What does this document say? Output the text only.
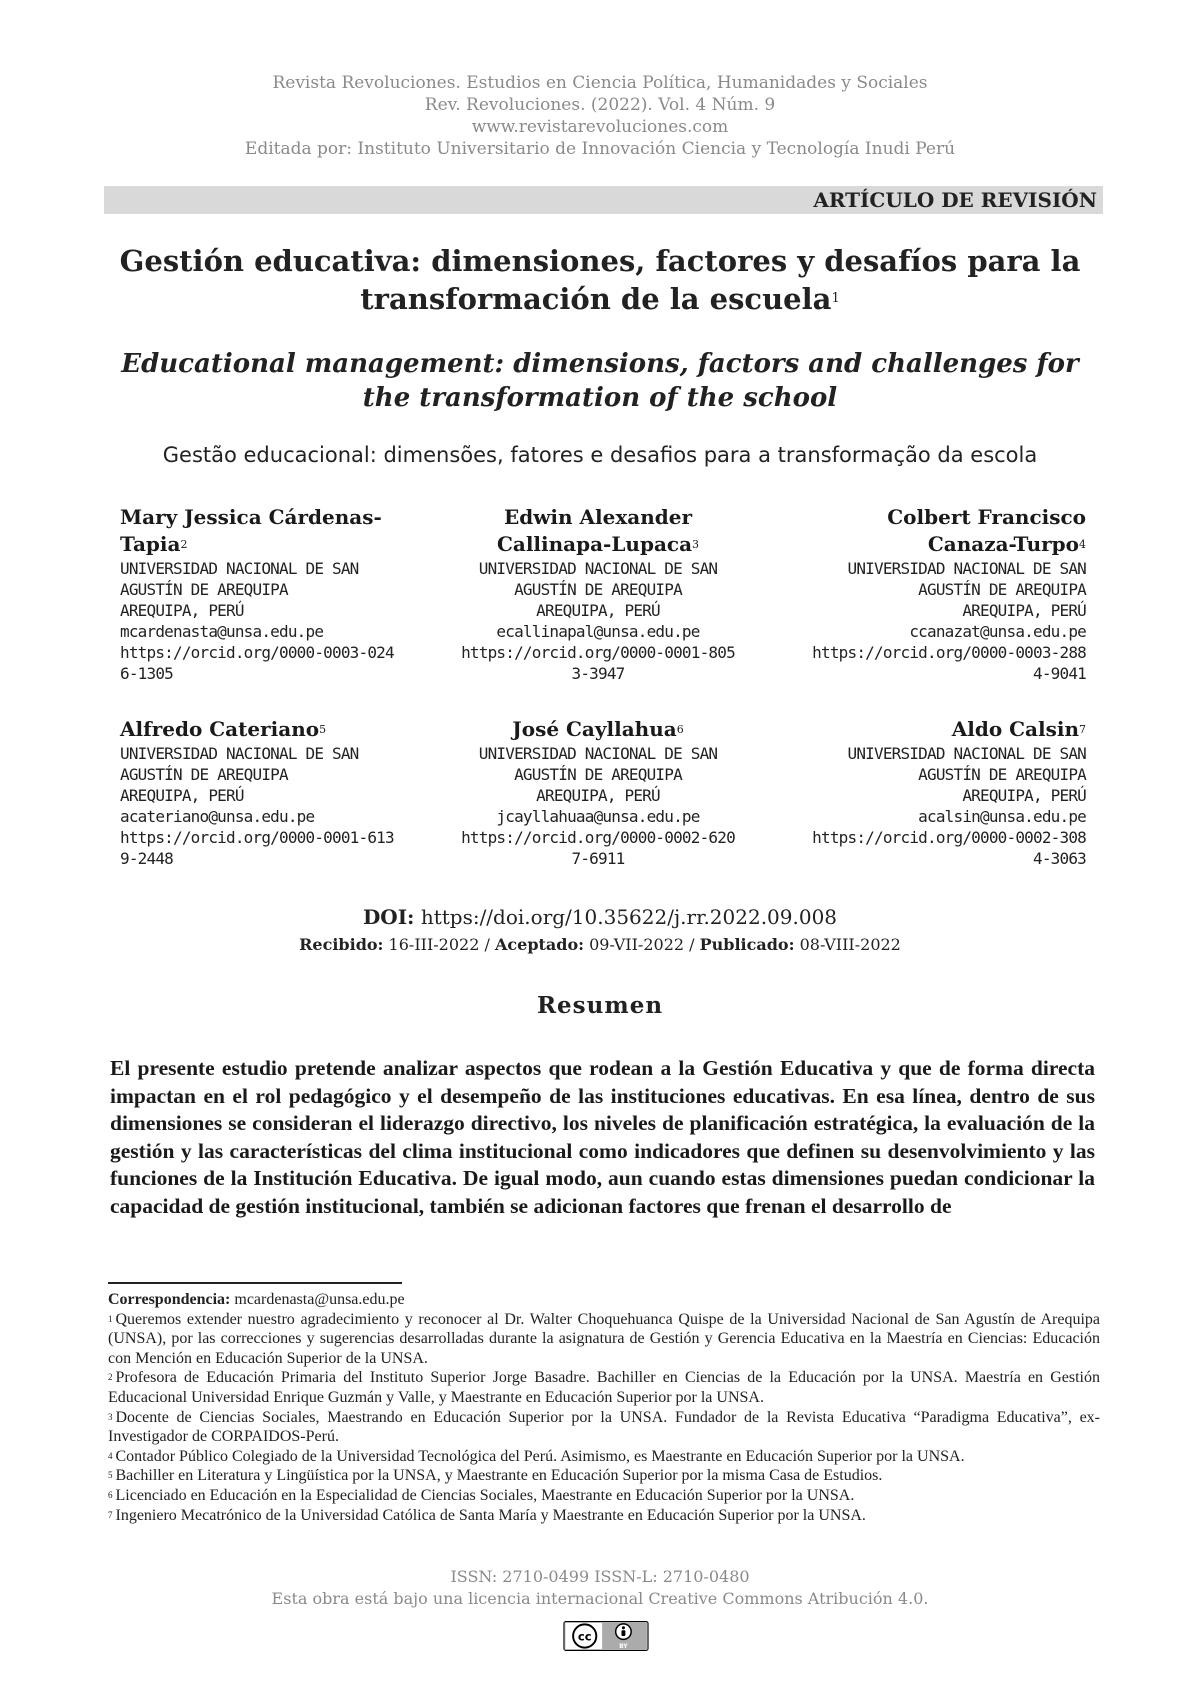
Revista Revoluciones. Estudios en Ciencia Política, Humanidades y Sociales
Rev. Revoluciones. (2022). Vol. 4 Núm. 9
www.revistarevoluciones.com
Editada por: Instituto Universitario de Innovación Ciencia y Tecnología Inudi Perú
ARTÍCULO DE REVISIÓN
Gestión educativa: dimensiones, factores y desafíos para la transformación de la escuela$^1$
Educational management: dimensions, factors and challenges for the transformation of the school
Gestão educacional: dimensões, fatores e desafios para a transformação da escola
Mary Jessica Cárdenas-Tapia$^2$
UNIVERSIDAD NACIONAL DE SAN
AGUSTÍN DE AREQUIPA
AREQUIPA, PERÚ
mcardenasta@unsa.edu.pe
https://orcid.org/0000-0003-0246-1305
Edwin Alexander Callinapa-Lupaca$^3$
UNIVERSIDAD NACIONAL DE SAN
AGUSTÍN DE AREQUIPA
AREQUIPA, PERÚ
ecallinapal@unsa.edu.pe
https://orcid.org/0000-0001-8053-3947
Colbert Francisco Canaza-Turpo$^4$
UNIVERSIDAD NACIONAL DE SAN
AGUSTÍN DE AREQUIPA
AREQUIPA, PERÚ
ccanazat@unsa.edu.pe
https://orcid.org/0000-0003-2884-9041
Alfredo Cateriano$^5$
UNIVERSIDAD NACIONAL DE SAN
AGUSTÍN DE AREQUIPA
AREQUIPA, PERÚ
acateriano@unsa.edu.pe
https://orcid.org/0000-0001-6139-2448
José Cayllahua$^6$
UNIVERSIDAD NACIONAL DE SAN
AGUSTÍN DE AREQUIPA
AREQUIPA, PERÚ
jcayllahuaa@unsa.edu.pe
https://orcid.org/0000-0002-6207-6911
Aldo Calsin$^7$
UNIVERSIDAD NACIONAL DE SAN
AGUSTÍN DE AREQUIPA
AREQUIPA, PERÚ
acalsin@unsa.edu.pe
https://orcid.org/0000-0002-3084-3063
DOI: https://doi.org/10.35622/j.rr.2022.09.008
Recibido: 16-III-2022 / Aceptado: 09-VII-2022 / Publicado: 08-VIII-2022
Resumen
El presente estudio pretende analizar aspectos que rodean a la Gestión Educativa y que de forma directa impactan en el rol pedagógico y el desempeño de las instituciones educativas. En esa línea, dentro de sus dimensiones se consideran el liderazgo directivo, los niveles de planificación estratégica, la evaluación de la gestión y las características del clima institucional como indicadores que definen su desenvolvimiento y las funciones de la Institución Educativa. De igual modo, aun cuando estas dimensiones puedan condicionar la capacidad de gestión institucional, también se adicionan factores que frenan el desarrollo de

Correspondencia: mcardenasta@unsa.edu.pe

$^1$ Queremos extender nuestro agradecimiento y reconocer al Dr. Walter Choquehuanca Quispe de la Universidad Nacional de San Agustín de Arequipa (UNSA), por las correcciones y sugerencias desarrolladas durante la asignatura de Gestión y Gerencia Educativa en la Maestría en Ciencias: Educación con Mención en Educación Superior de la UNSA.

$^2$ Profesora de Educación Primaria del Instituto Superior Jorge Basadre. Bachiller en Ciencias de la Educación por la UNSA. Maestría en Gestión Educacional Universidad Enrique Guzmán y Valle, y Maestrante en Educación Superior por la UNSA.

$^3$ Docente de Ciencias Sociales, Maestrando en Educación Superior por la UNSA. Fundador de la Revista Educativa “Paradigma Educativa”, ex-Investigador de CORPAIDOS-Perú.

$^4$ Contador Público Colegiado de la Universidad Tecnológica del Perú. Asimismo, es Maestrante en Educación Superior por la UNSA.

$^5$ Bachiller en Literatura y Lingüística por la UNSA, y Maestrante en Educación Superior por la misma Casa de Estudios.

$^6$ Licenciado en Educación en la Especialidad de Ciencias Sociales, Maestrante en Educación Superior por la UNSA.

$^7$ Ingeniero Mecatrónico de la Universidad Católica de Santa María y Maestrante en Educación Superior por la UNSA.

ISSN: 2710-0499 ISSN-L: 2710-0480
Esta obra está bajo una licencia internacional Creative Commons Atribución 4.0.
cc
BY
